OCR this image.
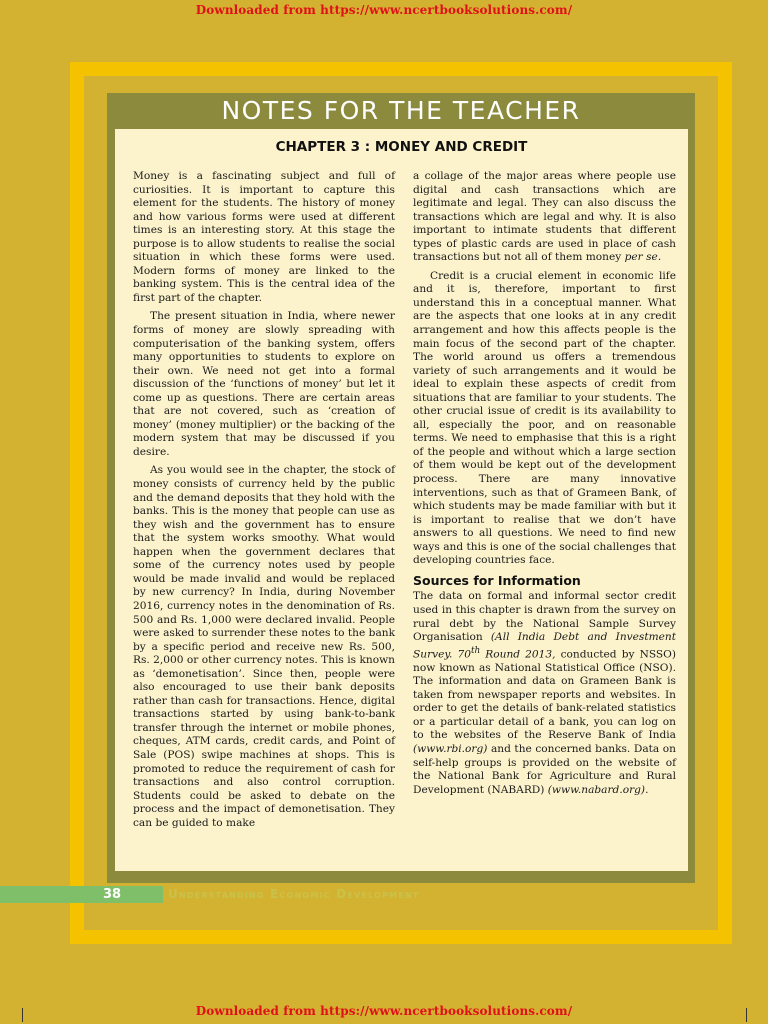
Downloaded from https://www.ncertbooksolutions.com/
NOTES FOR THE TEACHER
CHAPTER 3 : MONEY AND CREDIT

Money is a fascinating subject and full of curiosities. It is important to capture this element for the students. The history of money and how various forms were used at different times is an interesting story. At this stage the purpose is to allow students to realise the social situation in which these forms were used. Modern forms of money are linked to the banking system. This is the central idea of the first part of the chapter.

The present situation in India, where newer forms of money are slowly spreading with computerisation of the banking system, offers many opportunities to students to explore on their own. We need not get into a formal discussion of the ‘functions of money’ but let it come up as questions. There are certain areas that are not covered, such as ‘creation of money’ (money multiplier) or the backing of the modern system that may be discussed if you desire.

As you would see in the chapter, the stock of money consists of currency held by the public and the demand deposits that they hold with the banks. This is the money that people can use as they wish and the government has to ensure that the system works smoothy. What would happen when the government declares that some of the currency notes used by people would be made invalid and would be replaced by new currency? In India, during November 2016, currency notes in the denomination of Rs. 500 and Rs. 1,000 were declared invalid. People were asked to surrender these notes to the bank by a specific period and receive new Rs. 500, Rs. 2,000 or other currency notes. This is known as ‘demonetisation’. Since then, people were also encouraged to use their bank deposits rather than cash for transactions. Hence, digital transactions started by using bank-to-bank transfer through the internet or mobile phones, cheques, ATM cards, credit cards, and Point of Sale (POS) swipe machines at shops. This is promoted to reduce the requirement of cash for transactions and also control corruption. Students could be asked to debate on the process and the impact of demonetisation. They can be guided to make

a collage of the major areas where people use digital and cash transactions which are legitimate and legal. They can also discuss the transactions which are legal and why. It is also important to intimate students that different types of plastic cards are used in place of cash transactions but not all of them money per se.

Credit is a crucial element in economic life and it is, therefore, important to first understand this in a conceptual manner. What are the aspects that one looks at in any credit arrangement and how this affects people is the main focus of the second part of the chapter. The world around us offers a tremendous variety of such arrangements and it would be ideal to explain these aspects of credit from situations that are familiar to your students. The other crucial issue of credit is its availability to all, especially the poor, and on reasonable terms. We need to emphasise that this is a right of the people and without which a large section of them would be kept out of the development process. There are many innovative interventions, such as that of Grameen Bank, of which students may be made familiar with but it is important to realise that we don’t have answers to all questions. We need to find new ways and this is one of the social challenges that developing countries face.

Sources for Information

The data on formal and informal sector credit used in this chapter is drawn from the survey on rural debt by the National Sample Survey Organisation (All India Debt and Investment Survey. 70th Round 2013, conducted by NSSO) now known as National Statistical Office (NSO). The information and data on Grameen Bank is taken from newspaper reports and websites. In order to get the details of bank-related statistics or a particular detail of a bank, you can log on to the websites of the Reserve Bank of India (www.rbi.org) and the concerned banks. Data on self-help groups is provided on the website of the National Bank for Agriculture and Rural Development (NABARD) (www.nabard.org).

38	Understanding Economic Development
Downloaded from https://www.ncertbooksolutions.com/
